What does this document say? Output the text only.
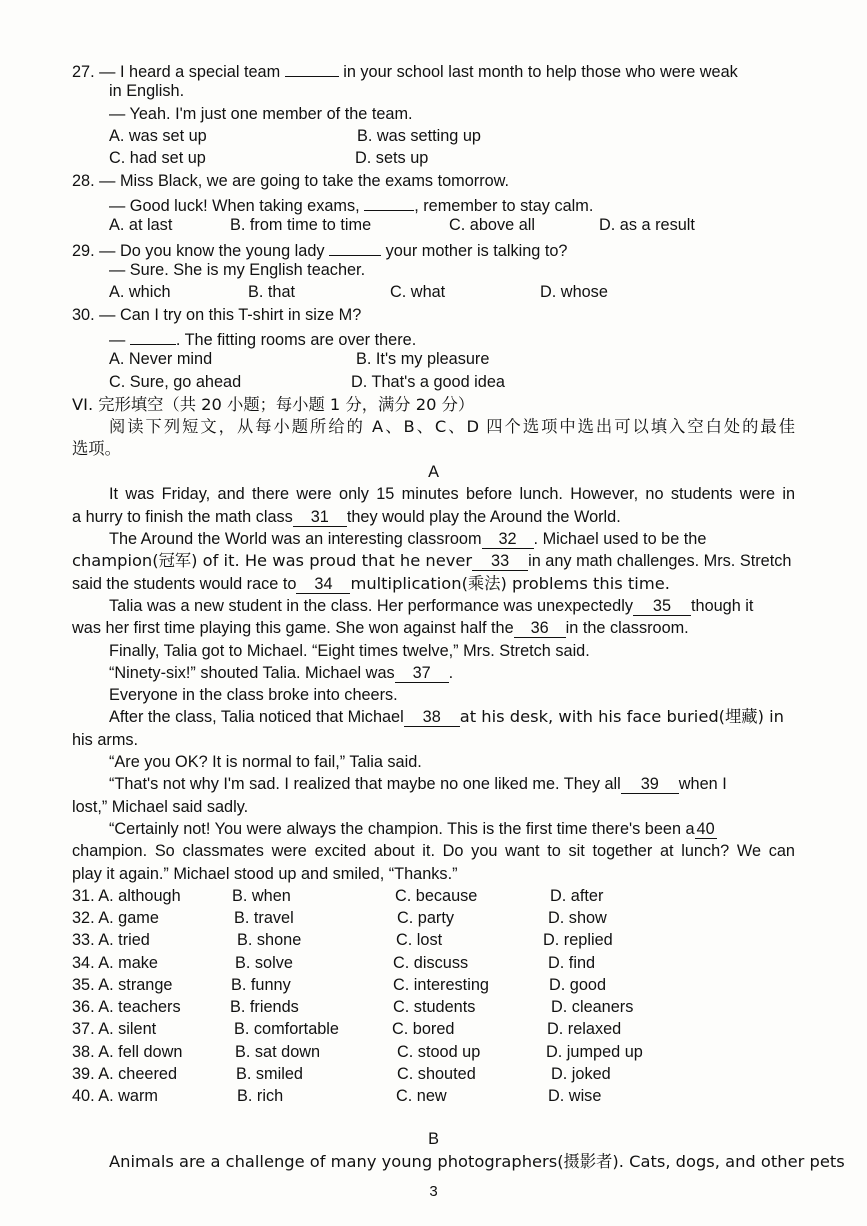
27. — I heard a special team	in your school last month to help those who were weak
in English.
— Yeah. I'm just one member of the team.
A. was set up	B. was setting up
C. had set up	D. sets up
28. — Miss Black, we are going to take the exams tomorrow.
— Good luck! When taking exams,	, remember to stay calm.
A. at last	B. from time to time	C. above all	D. as a result
29. — Do you know the young lady	your mother is talking to?
— Sure. She is my English teacher.
A. which	B. that	C. what	D. whose
30. — Can I try on this T-shirt in size M?
—	. The fitting rooms are over there.
A. Never mind	B. It's my pleasure
C. Sure, go ahead	D. That's a good idea
VI. 完形填空（共 20 小题；每小题 1 分，满分 20 分）
阅读下列短文，从每小题所给的 A、B、C、D 四个选项中选出可以填入空白处的最佳
选项。
A
It was Friday, and there were only 15 minutes before lunch. However, no students were in
a hurry to finish the math class 31 they would play the Around the World.
The Around the World was an interesting classroom 32 . Michael used to be the
champion(冠军) of it. He was proud that he never 33 in any math challenges. Mrs. Stretch
said the students would race to 34 multiplication(乘法) problems this time.
Talia was a new student in the class. Her performance was unexpectedly 35 though it
was her first time playing this game. She won against half the 36 in the classroom.
Finally, Talia got to Michael. “Eight times twelve,” Mrs. Stretch said.
“Ninety-six!” shouted Talia. Michael was 37 .
Everyone in the class broke into cheers.
After the class, Talia noticed that Michael 38 at his desk, with his face buried(埋藏) in
his arms.
“Are you OK? It is normal to fail,” Talia said.
“That's not why I'm sad. I realized that maybe no one liked me. They all 39 when I
lost,” Michael said sadly.
“Certainly not! You were always the champion. This is the first time there's been a 40
champion. So classmates were excited about it. Do you want to sit together at lunch? We can
play it again.” Michael stood up and smiled, “Thanks.”
31. A. although	B. when	C. because	D. after
32. A. game	B. travel	C. party	D. show
33. A. tried	B. shone	C. lost	D. replied
34. A. make	B. solve	C. discuss	D. find
35. A. strange	B. funny	C. interesting	D. good
36. A. teachers	B. friends	C. students	D. cleaners
37. A. silent	B. comfortable	C. bored	D. relaxed
38. A. fell down	B. sat down	C. stood up	D. jumped up
39. A. cheered	B. smiled	C. shouted	D. joked
40. A. warm	B. rich	C. new	D. wise
B
Animals are a challenge of many young photographers(摄影者). Cats, dogs, and other pets
3
